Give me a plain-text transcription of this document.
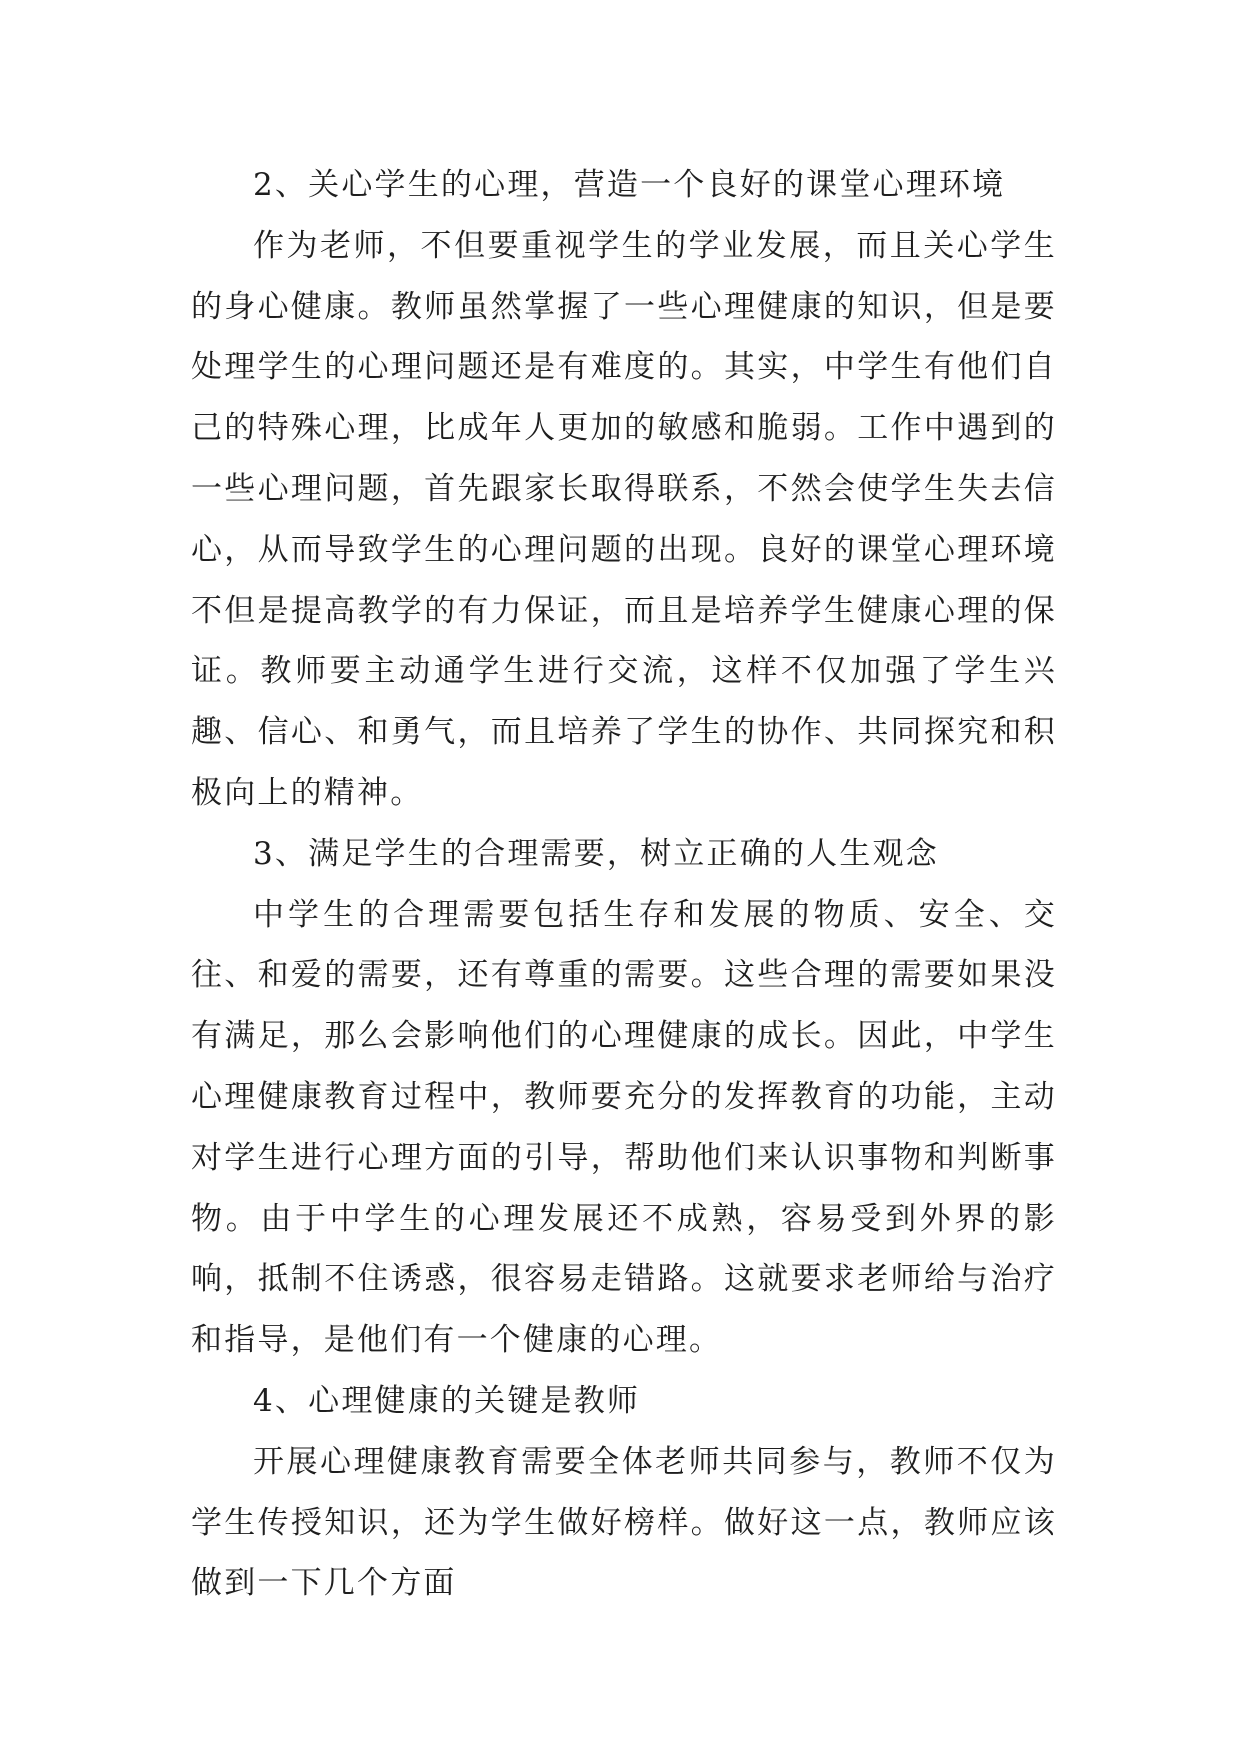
2、关心学生的心理，营造一个良好的课堂心理环境

作为老师，不但要重视学生的学业发展，而且关心学生的身心健康。教师虽然掌握了一些心理健康的知识，但是要处理学生的心理问题还是有难度的。其实，中学生有他们自己的特殊心理，比成年人更加的敏感和脆弱。工作中遇到的一些心理问题，首先跟家长取得联系，不然会使学生失去信心，从而导致学生的心理问题的出现。良好的课堂心理环境不但是提高教学的有力保证，而且是培养学生健康心理的保证。教师要主动通学生进行交流，这样不仅加强了学生兴趣、信心、和勇气，而且培养了学生的协作、共同探究和积极向上的精神。

3、满足学生的合理需要，树立正确的人生观念

中学生的合理需要包括生存和发展的物质、安全、交往、和爱的需要，还有尊重的需要。这些合理的需要如果没有满足，那么会影响他们的心理健康的成长。因此，中学生心理健康教育过程中，教师要充分的发挥教育的功能，主动对学生进行心理方面的引导，帮助他们来认识事物和判断事物。由于中学生的心理发展还不成熟，容易受到外界的影响，抵制不住诱惑，很容易走错路。这就要求老师给与治疗和指导，是他们有一个健康的心理。

4、心理健康的关键是教师

开展心理健康教育需要全体老师共同参与，教师不仅为学生传授知识，还为学生做好榜样。做好这一点，教师应该做到一下几个方面
